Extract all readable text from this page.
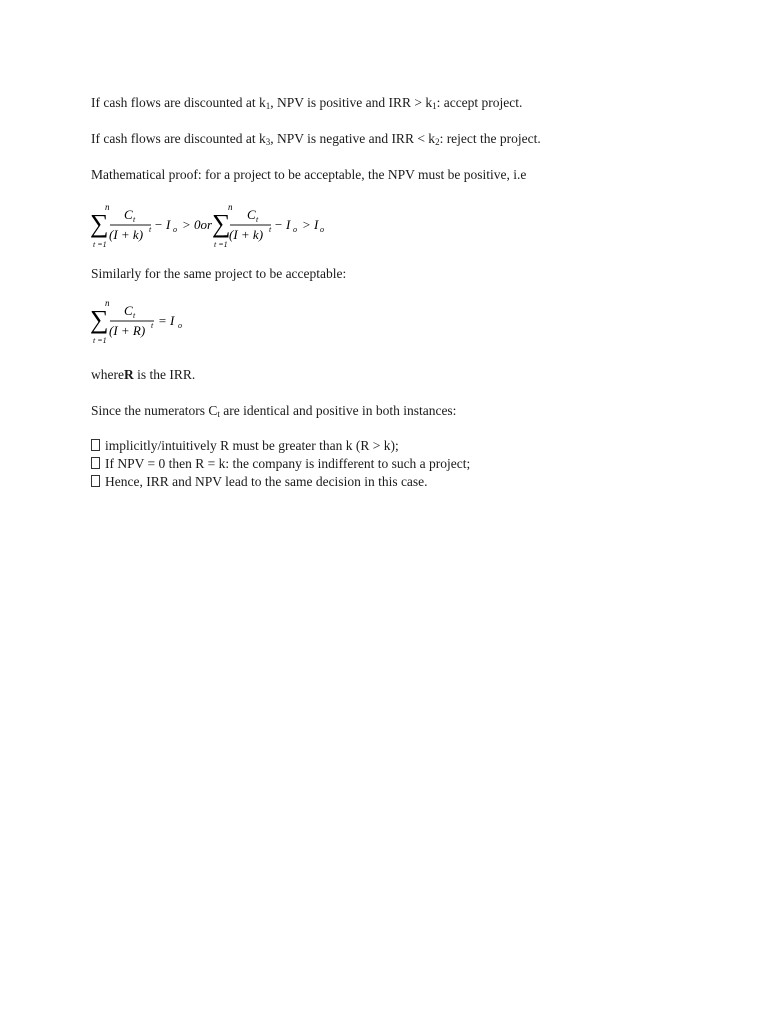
If cash flows are discounted at $k_1$, NPV is positive and IRR > $k_1$: accept project.
If cash flows are discounted at $k_3$, NPV is negative and IRR < $k_2$: reject the project.
Mathematical proof: for a project to be acceptable, the NPV must be positive, i.e
n
∑
t =1
C t
(I + k) t − I o > 0or
n
∑
t =1
C t
(I + k) t − I o > I o
Similarly for the same project to be acceptable:
n
∑
t =1
C t
(I + R) t = I o
whereR is the IRR.
Since the numerators $C_t$ are identical and positive in both instances:
implicitly/intuitively R must be greater than k (R > k);
If NPV = 0 then R = k: the company is indifferent to such a project;
Hence, IRR and NPV lead to the same decision in this case.
